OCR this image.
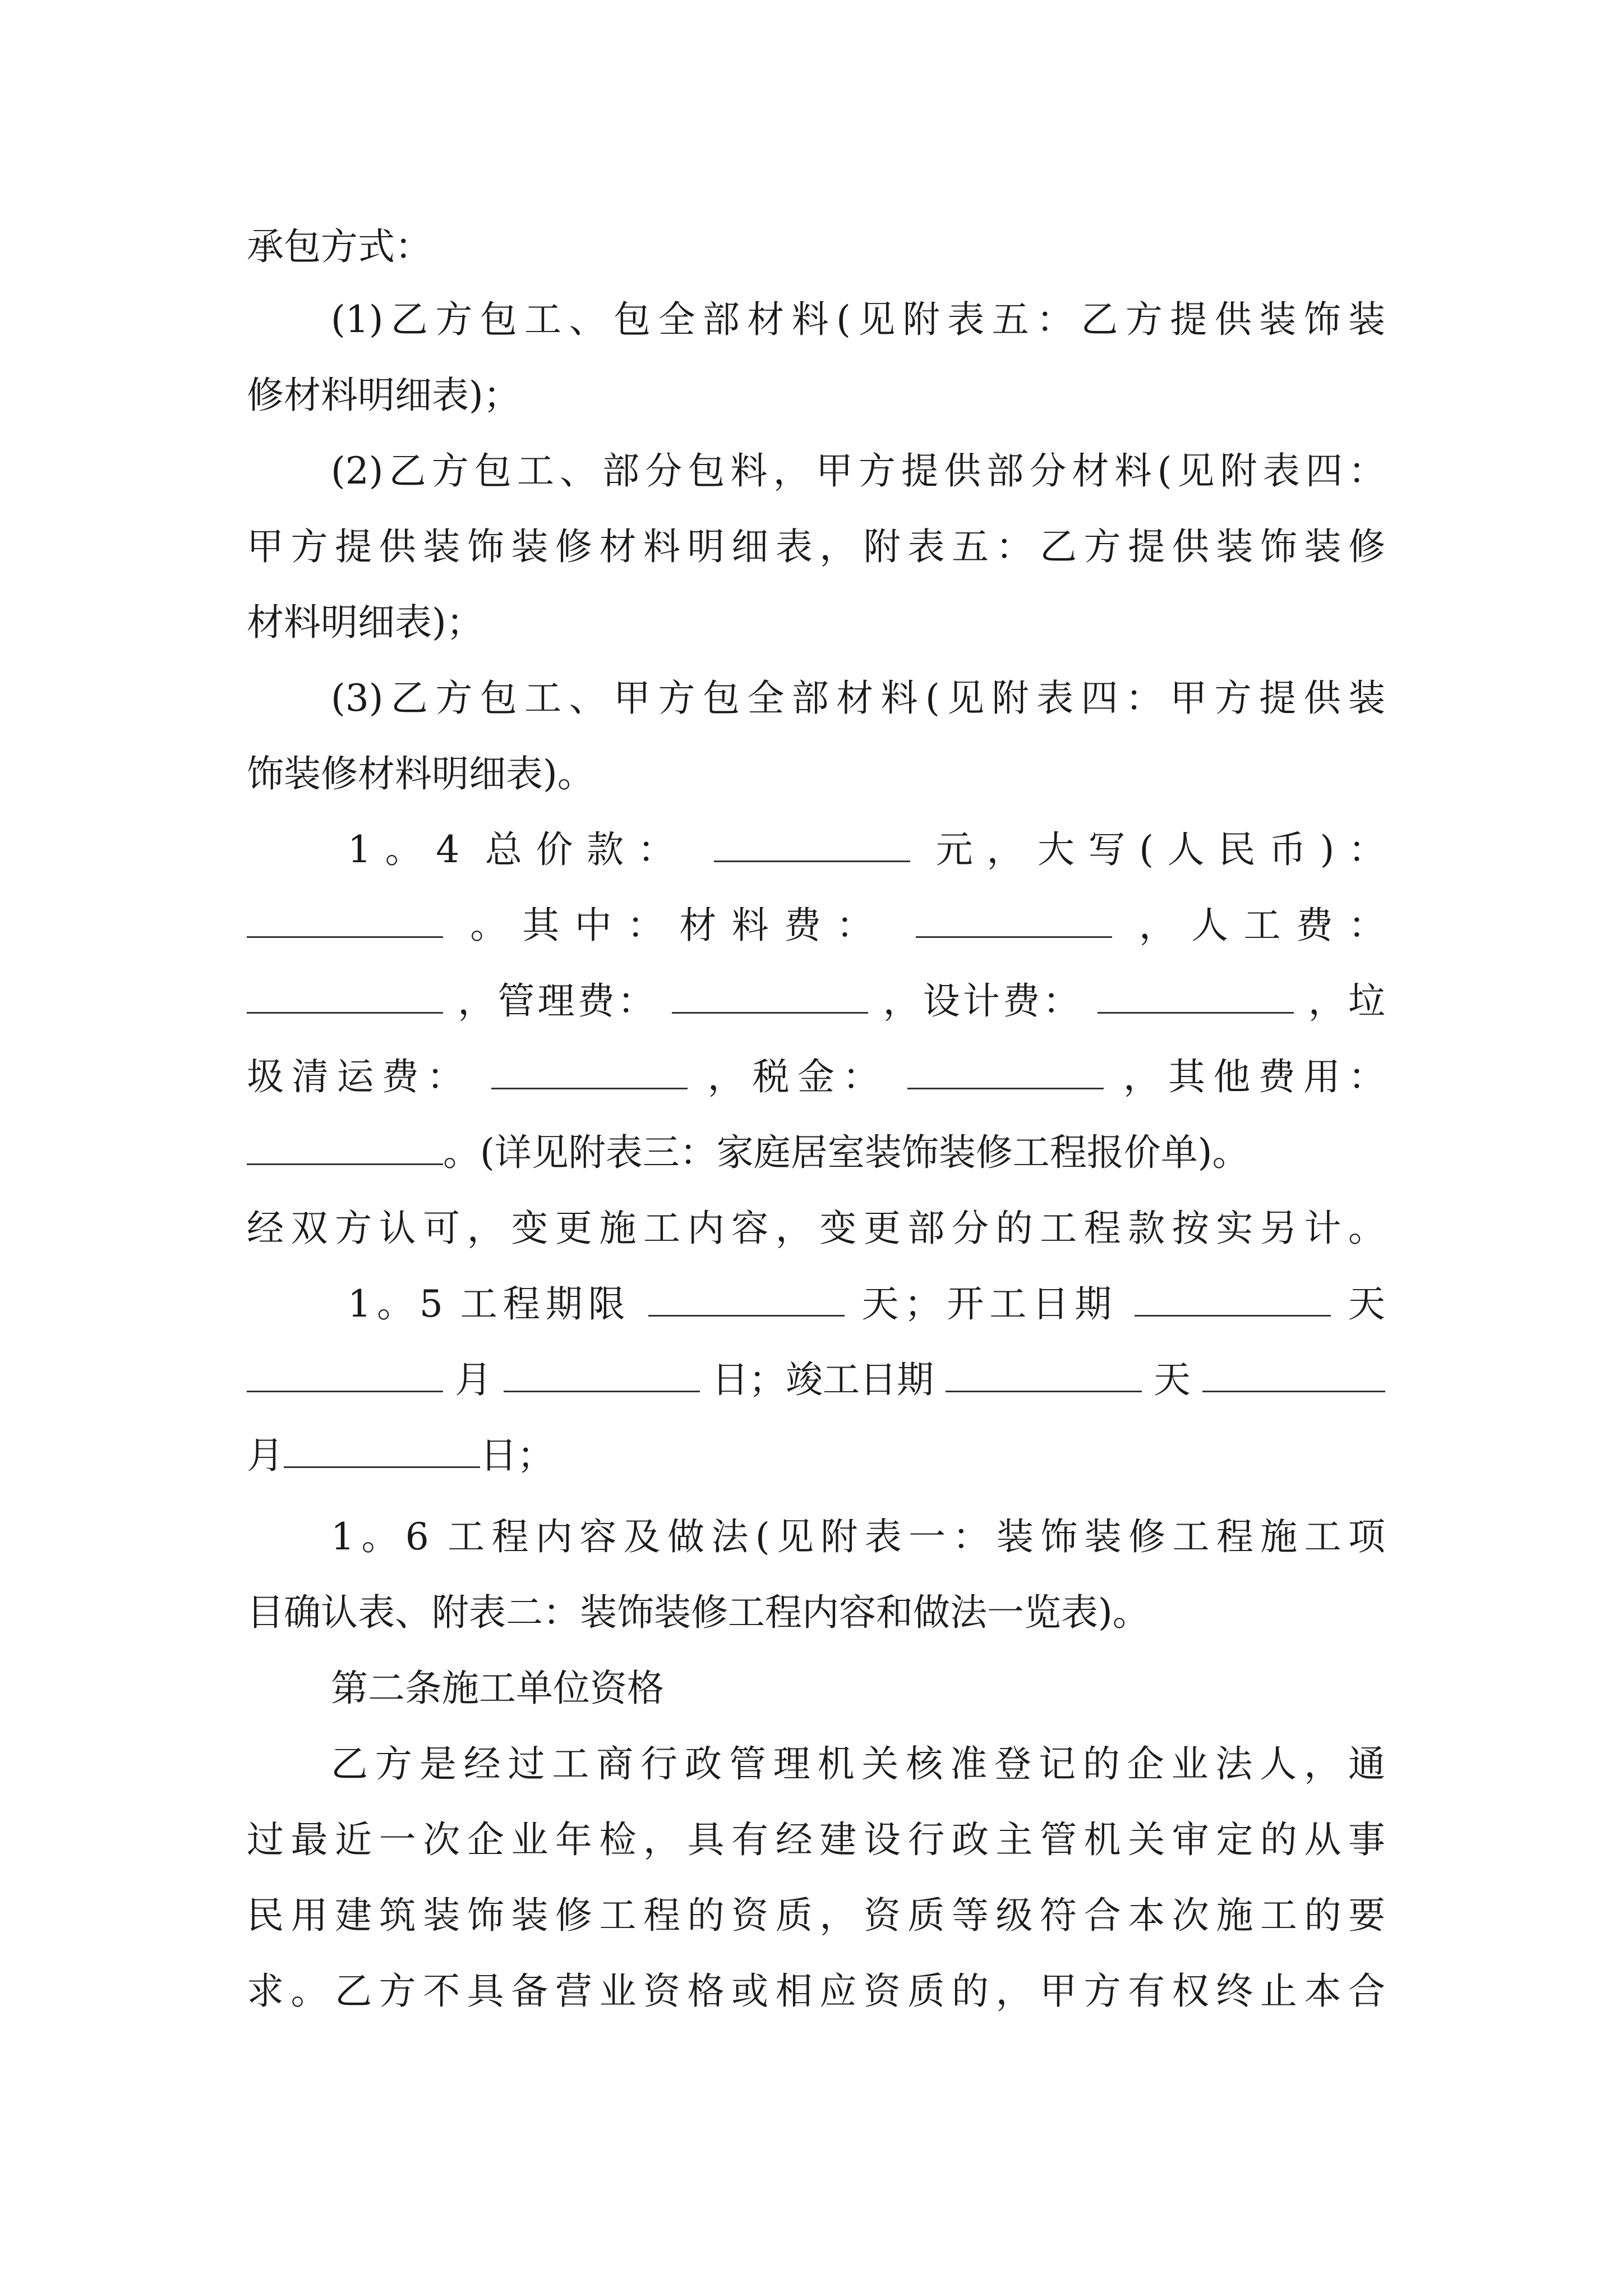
承包方式：
(1)乙方包工、包全部材料(见附表五：乙方提供装饰装
修材料明细表)；
(2)乙方包工、部分包料，甲方提供部分材料(见附表四：
甲方提供装饰装修材料明细表，附表五：乙方提供装饰装修
材料明细表)；
(3)乙方包工、甲方包全部材料(见附表四：甲方提供装
饰装修材料明细表)。
1。4 总价款：	元，大写(人民币)：
。其中：材料费：	，人工费：
，管理费：	，设计费：	，垃
圾清运费：	，税金：	，其他费用：
。(详见附表三：家庭居室装饰装修工程报价单)。
经双方认可，变更施工内容，变更部分的工程款按实另计。
1。5 工程期限	天；开工日期	天
月	日；竣工日期	天
月	日；
1。6 工程内容及做法(见附表一：装饰装修工程施工项
目确认表、附表二：装饰装修工程内容和做法一览表)。
第二条施工单位资格
乙方是经过工商行政管理机关核准登记的企业法人，通
过最近一次企业年检，具有经建设行政主管机关审定的从事
民用建筑装饰装修工程的资质，资质等级符合本次施工的要
求。乙方不具备营业资格或相应资质的，甲方有权终止本合
